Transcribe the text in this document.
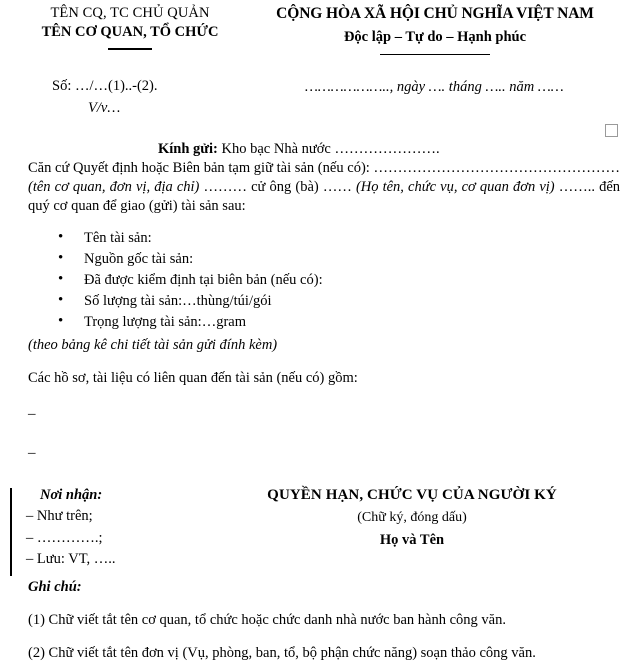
TÊN CQ, TC CHỦ QUẢN
TÊN CƠ QUAN, TỔ CHỨC
CỘNG HÒA XÃ HỘI CHỦ NGHĨA VIỆT NAM
Độc lập – Tự do – Hạnh phúc
Số: …/…(1)..-(2).
V/v…
……………….., ngày …. tháng ….. năm ……
Kính gửi: Kho bạc Nhà nước ………………….

Căn cứ Quyết định hoặc Biên bản tạm giữ tài sản (nếu có): …………………………………………… (tên cơ quan, đơn vị, địa chỉ) ……… cử ông (bà) …… (Họ tên, chức vụ, cơ quan đơn vị) …….. đến quý cơ quan để giao (gửi) tài sản sau:

• Tên tài sản:
• Nguồn gốc tài sản:
• Đã được kiểm định tại biên bản (nếu có):
• Số lượng tài sản:…thùng/túi/gói
• Trọng lượng tài sản:…gram
(theo bảng kê chi tiết tài sản gửi đính kèm)
Các hồ sơ, tài liệu có liên quan đến tài sản (nếu có) gồm:
–
–
Nơi nhận:
– Như trên;
– ………….;
– Lưu: VT, …..
QUYỀN HẠN, CHỨC VỤ CỦA NGƯỜI KÝ
(Chữ ký, đóng dấu)
Họ và Tên
Ghi chú:
(1) Chữ viết tắt tên cơ quan, tổ chức hoặc chức danh nhà nước ban hành công văn.
(2) Chữ viết tắt tên đơn vị (Vụ, phòng, ban, tổ, bộ phận chức năng) soạn thảo công văn.
